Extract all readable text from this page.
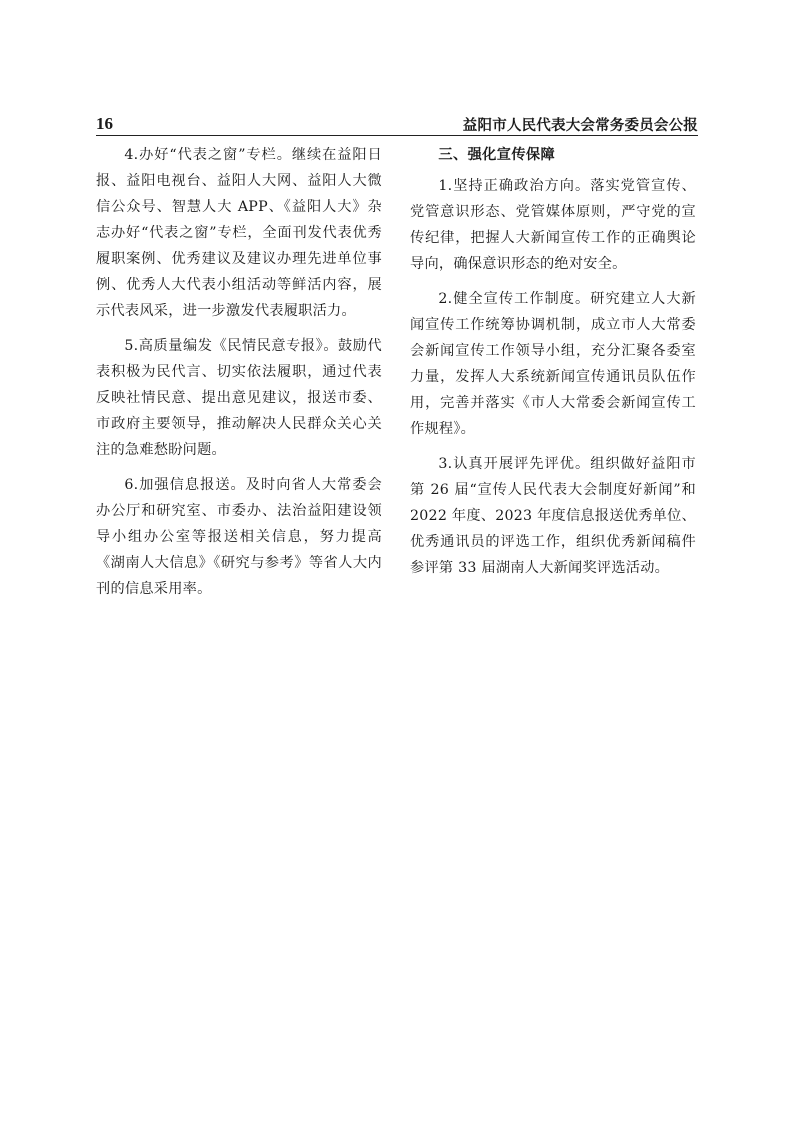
16	益阳市人民代表大会常务委员会公报

4.办好“代表之窗”专栏。继续在益阳日报、益阳电视台、益阳人大网、益阳人大微信公众号、智慧人大 APP、《益阳人大》杂志办好“代表之窗”专栏，全面刊发代表优秀履职案例、优秀建议及建议办理先进单位事例、优秀人大代表小组活动等鲜活内容，展示代表风采，进一步激发代表履职活力。

5.高质量编发《民情民意专报》。鼓励代表积极为民代言、切实依法履职，通过代表反映社情民意、提出意见建议，报送市委、市政府主要领导，推动解决人民群众关心关注的急难愁盼问题。

6.加强信息报送。及时向省人大常委会办公厅和研究室、市委办、法治益阳建设领导小组办公室等报送相关信息，努力提高《湖南人大信息》《研究与参考》等省人大内刊的信息采用率。

三、强化宣传保障

1.坚持正确政治方向。落实党管宣传、党管意识形态、党管媒体原则，严守党的宣传纪律，把握人大新闻宣传工作的正确舆论导向，确保意识形态的绝对安全。

2.健全宣传工作制度。研究建立人大新闻宣传工作统筹协调机制，成立市人大常委会新闻宣传工作领导小组，充分汇聚各委室力量，发挥人大系统新闻宣传通讯员队伍作用，完善并落实《市人大常委会新闻宣传工作规程》。

3.认真开展评先评优。组织做好益阳市第 26 届“宣传人民代表大会制度好新闻”和 2022 年度、2023 年度信息报送优秀单位、优秀通讯员的评选工作，组织优秀新闻稿件参评第 33 届湖南人大新闻奖评选活动。
